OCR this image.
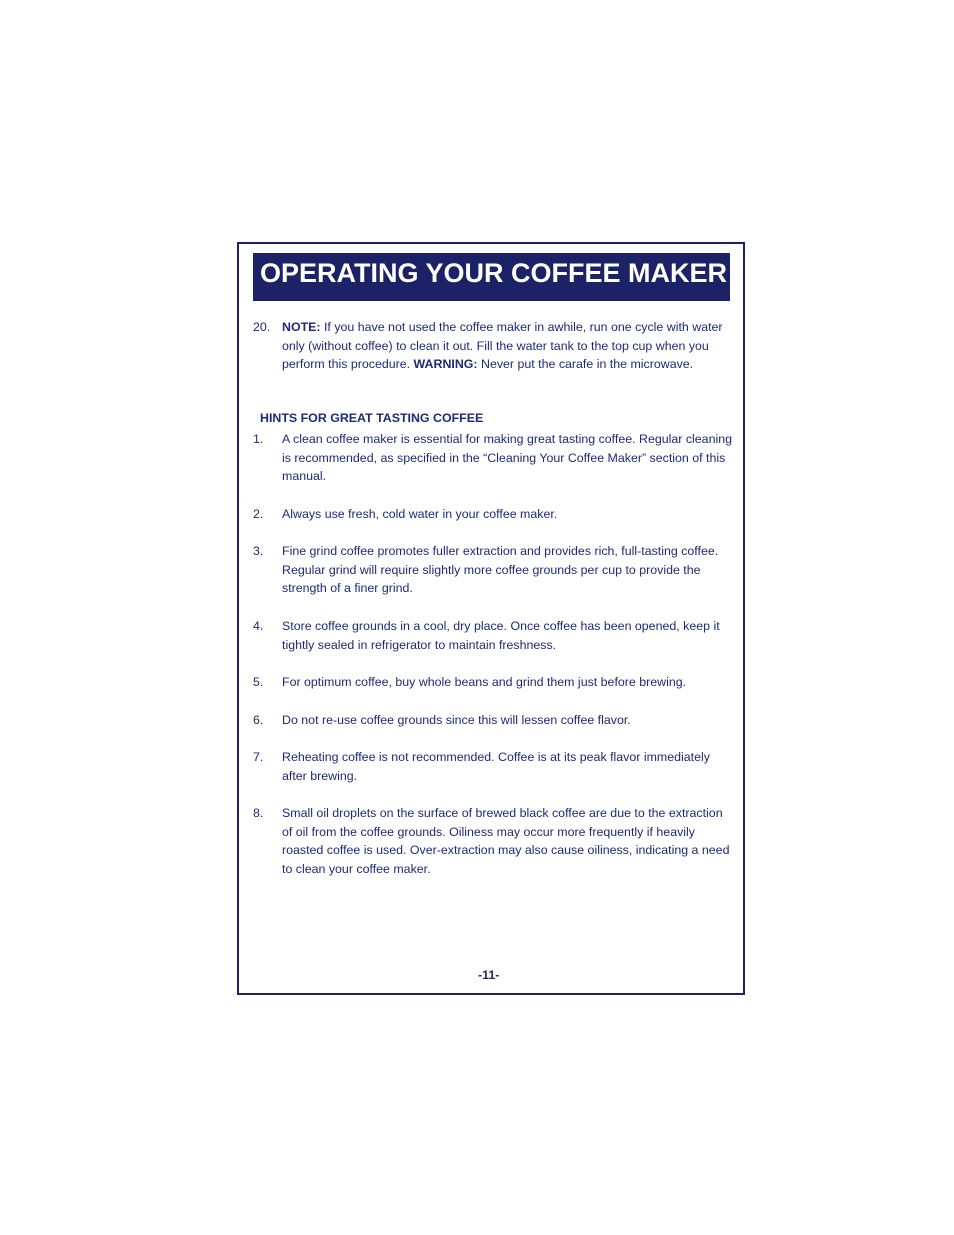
OPERATING YOUR COFFEE MAKER
20. NOTE: If you have not used the coffee maker in awhile, run one cycle with water only (without coffee) to clean it out. Fill the water tank to the top cup when you perform this procedure. WARNING: Never put the carafe in the microwave.
HINTS FOR GREAT TASTING COFFEE
1. A clean coffee maker is essential for making great tasting coffee. Regular cleaning is recommended, as specified in the “Cleaning Your Coffee Maker” section of this manual.
2. Always use fresh, cold water in your coffee maker.
3. Fine grind coffee promotes fuller extraction and provides rich, full-tasting coffee. Regular grind will require slightly more coffee grounds per cup to provide the strength of a finer grind.
4. Store coffee grounds in a cool, dry place. Once coffee has been opened, keep it tightly sealed in refrigerator to maintain freshness.
5. For optimum coffee, buy whole beans and grind them just before brewing.
6. Do not re-use coffee grounds since this will lessen coffee flavor.
7. Reheating coffee is not recommended. Coffee is at its peak flavor immediately after brewing.
8. Small oil droplets on the surface of brewed black coffee are due to the extraction of oil from the coffee grounds. Oiliness may occur more frequently if heavily roasted coffee is used. Over-extraction may also cause oiliness, indicating a need to clean your coffee maker.
-11-
